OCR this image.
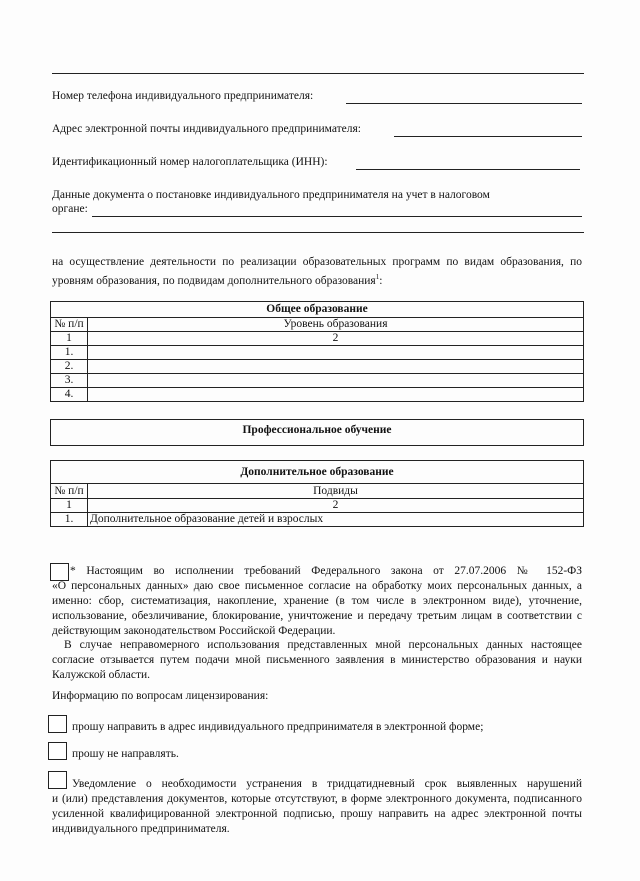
Номер телефона индивидуального предпринимателя:
Адрес электронной почты индивидуального предпринимателя:
Идентификационный номер налогоплательщика (ИНН):
Данные документа о постановке индивидуального предпринимателя на учет в налоговом
органе:
на осуществление деятельности по реализации образовательных программ по видам образования, по уровням образования, по подвидам дополнительного образования$^1$:
Общее образование	
№ п/п	Уровень образования
1	2
1.	
2.	
3.	
4.	
Профессиональное обучение
Дополнительное образование	
№ п/п	Подвиды
1	2
1.	Дополнительное образование детей и взрослых
* Настоящим во исполнении требований Федерального закона от 27.07.2006 № 152-ФЗ
«О персональных данных» даю свое письменное согласие на обработку моих персональных данных, а именно: сбор, систематизация, накопление, хранение (в том числе в электронном виде), уточнение, использование, обезличивание, блокирование, уничтожение и передачу третьим лицам в соответствии с действующим законодательством Российской Федерации.
В случае неправомерного использования представленных мной персональных данных настоящее согласие отзывается путем подачи мной письменного заявления в министерство образования и науки Калужской области.
Информацию по вопросам лицензирования:
прошу направить в адрес индивидуального предпринимателя в электронной форме;
прошу не направлять.
Уведомление о необходимости устранения в тридцатидневный срок выявленных нарушений
и (или) представления документов, которые отсутствуют, в форме электронного документа, подписанного усиленной квалифицированной электронной подписью, прошу направить на адрес электронной почты индивидуального предпринимателя.
